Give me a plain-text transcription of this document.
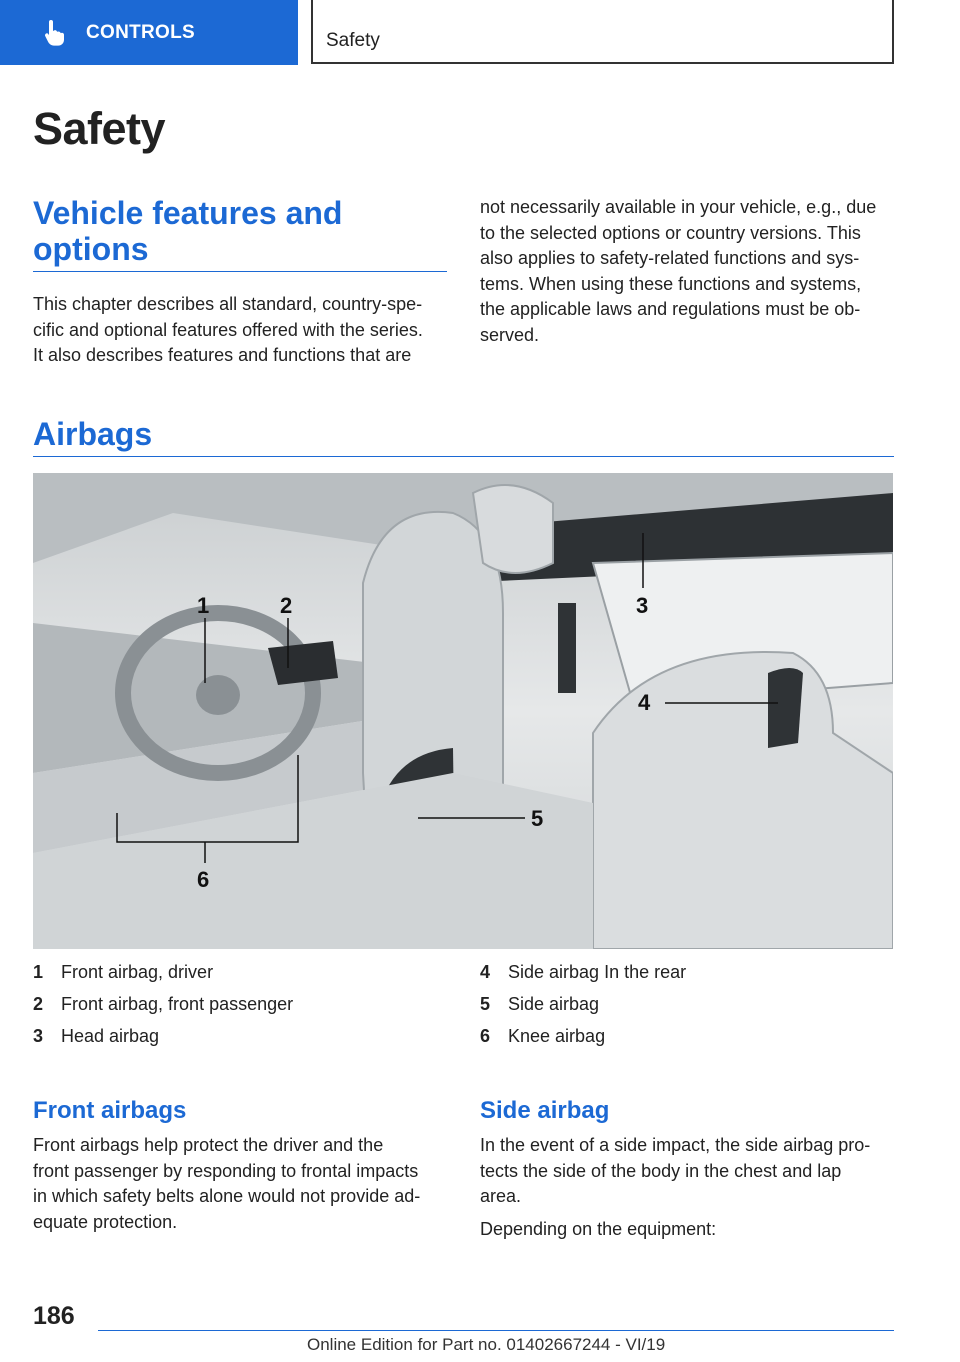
CONTROLS	Safety
Safety
Vehicle features and
options
This chapter describes all standard, country-spe‐
cific and optional features offered with the series.
It also describes features and functions that are
not necessarily available in your vehicle, e.g., due
to the selected options or country versions. This
also applies to safety-related functions and sys‐
tems. When using these functions and systems,
the applicable laws and regulations must be ob‐
served.
Airbags
1	2	3
4
5
6
1 Front airbag, driver
2 Front airbag, front passenger
3 Head airbag
4 Side airbag In the rear
5 Side airbag
6 Knee airbag
Front airbags
Front airbags help protect the driver and the
front passenger by responding to frontal impacts
in which safety belts alone would not provide ad‐
equate protection.
Side airbag
In the event of a side impact, the side airbag pro‐
tects the side of the body in the chest and lap
area.
Depending on the equipment:
186
Online Edition for Part no. 01402667244 - VI/19
